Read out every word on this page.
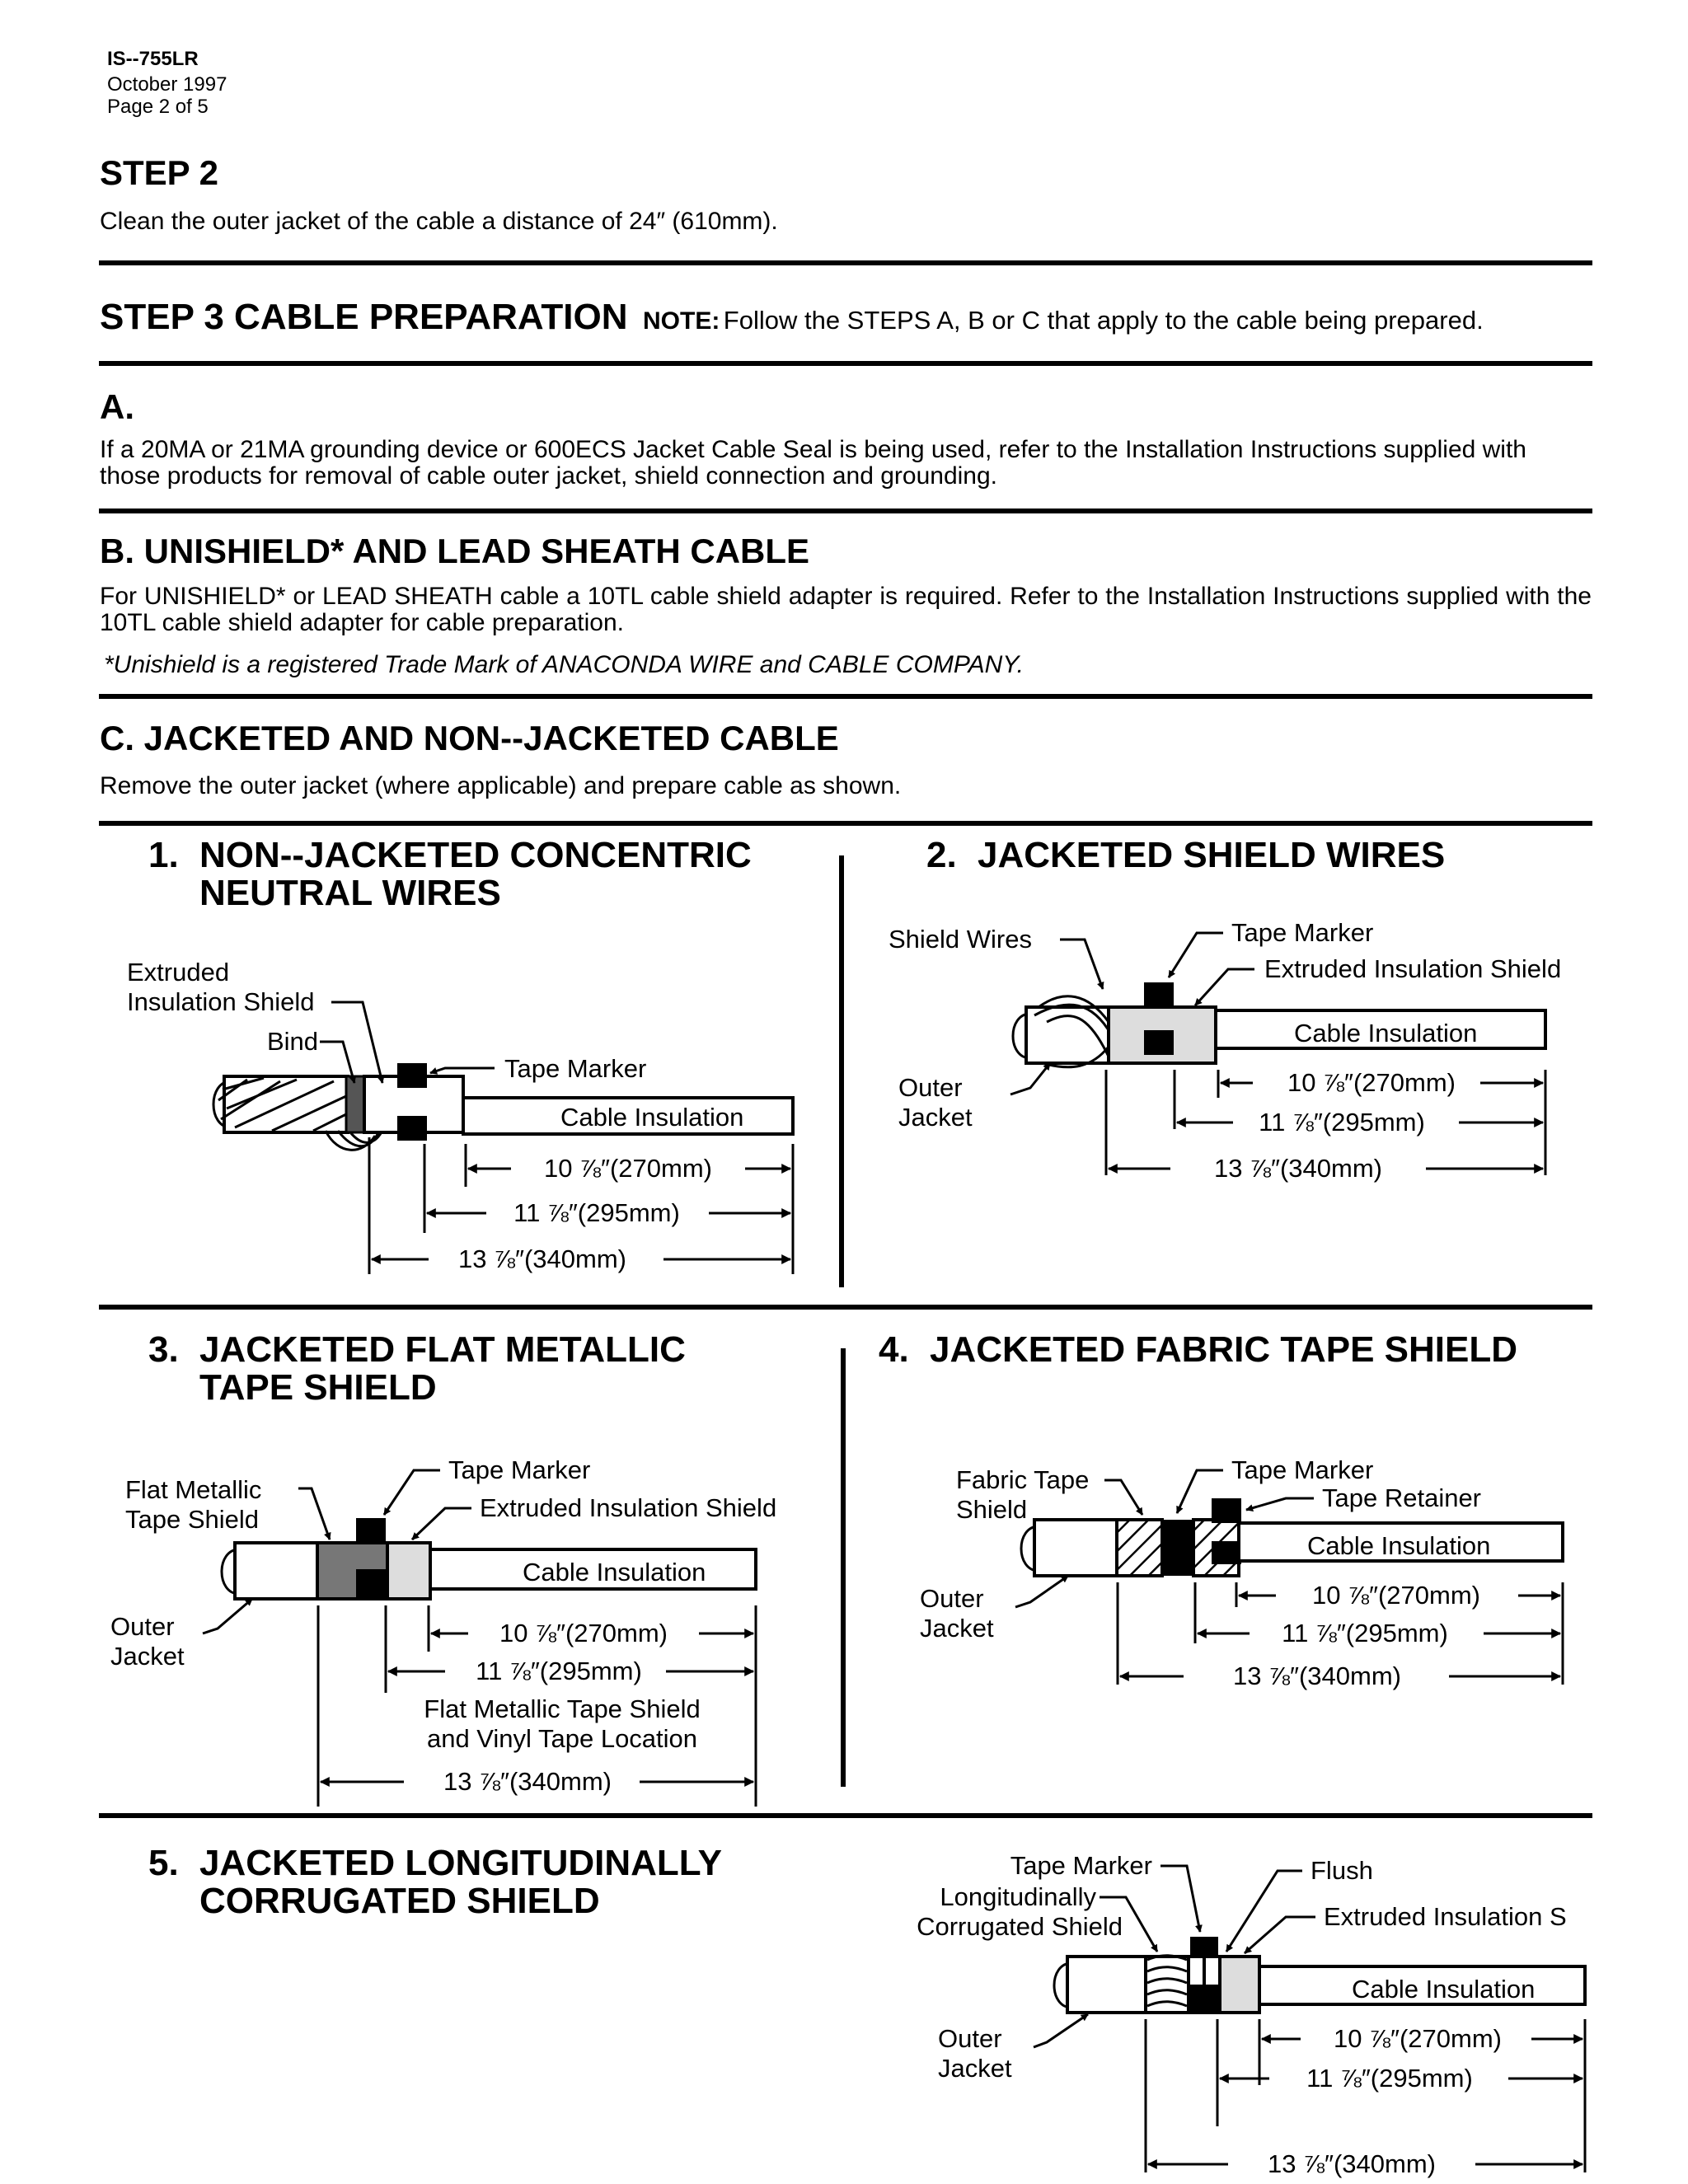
IS--755LR
October 1997
Page 2 of 5
STEP 2
Clean the outer jacket of the cable a distance of 24″ (610mm).
STEP 3 CABLE PREPARATION NOTE: Follow the STEPS A, B or C that apply to the cable being prepared.
A.
If a 20MA or 21MA grounding device or 600ECS Jacket Cable Seal is being used, refer to the Installation Instructions supplied with those products for removal of cable outer jacket, shield connection and grounding.
B. UNISHIELD* AND LEAD SHEATH CABLE
For UNISHIELD* or LEAD SHEATH cable a 10TL cable shield adapter is required. Refer to the Installation Instructions supplied with the 10TL cable shield adapter for cable preparation.
*Unishield is a registered Trade Mark of ANACONDA WIRE and CABLE COMPANY.
C. JACKETED AND NON--JACKETED CABLE
Remove the outer jacket (where applicable) and prepare cable as shown.
1. NON--JACKETED CONCENTRIC
NEUTRAL WIRES
2. JACKETED SHIELD WIRES
3. JACKETED FLAT METALLIC
TAPE SHIELD
4. JACKETED FABRIC TAPE SHIELD
5. JACKETED LONGITUDINALLY
CORRUGATED SHIELD
Extruded
Insulation Shield
Bind
Tape Marker
Cable Insulation
10 ⅞″(270mm)
11 ⅞″(295mm)
13 ⅞″(340mm)
Shield Wires	Tape Marker
Extruded Insulation Shield
Cable Insulation
Outer
Jacket
10 ⅞″(270mm)
11 ⅞″(295mm)
13 ⅞″(340mm)
Flat Metallic
Tape Shield
Tape Marker
Extruded Insulation Shield
Cable Insulation
Outer
Jacket
10 ⅞″(270mm)
11 ⅞″(295mm)
Flat Metallic Tape Shield
and Vinyl Tape Location
13 ⅞″(340mm)
Fabric Tape
Shield
Tape Marker
Tape Retainer
Cable Insulation
Outer
Jacket
10 ⅞″(270mm)
11 ⅞″(295mm)
13 ⅞″(340mm)
Tape Marker	Flush
Longitudinally
Corrugated Shield	Extruded Insulation S
Cable Insulation
Outer
Jacket
10 ⅞″(270mm)
11 ⅞″(295mm)
13 ⅞″(340mm)
